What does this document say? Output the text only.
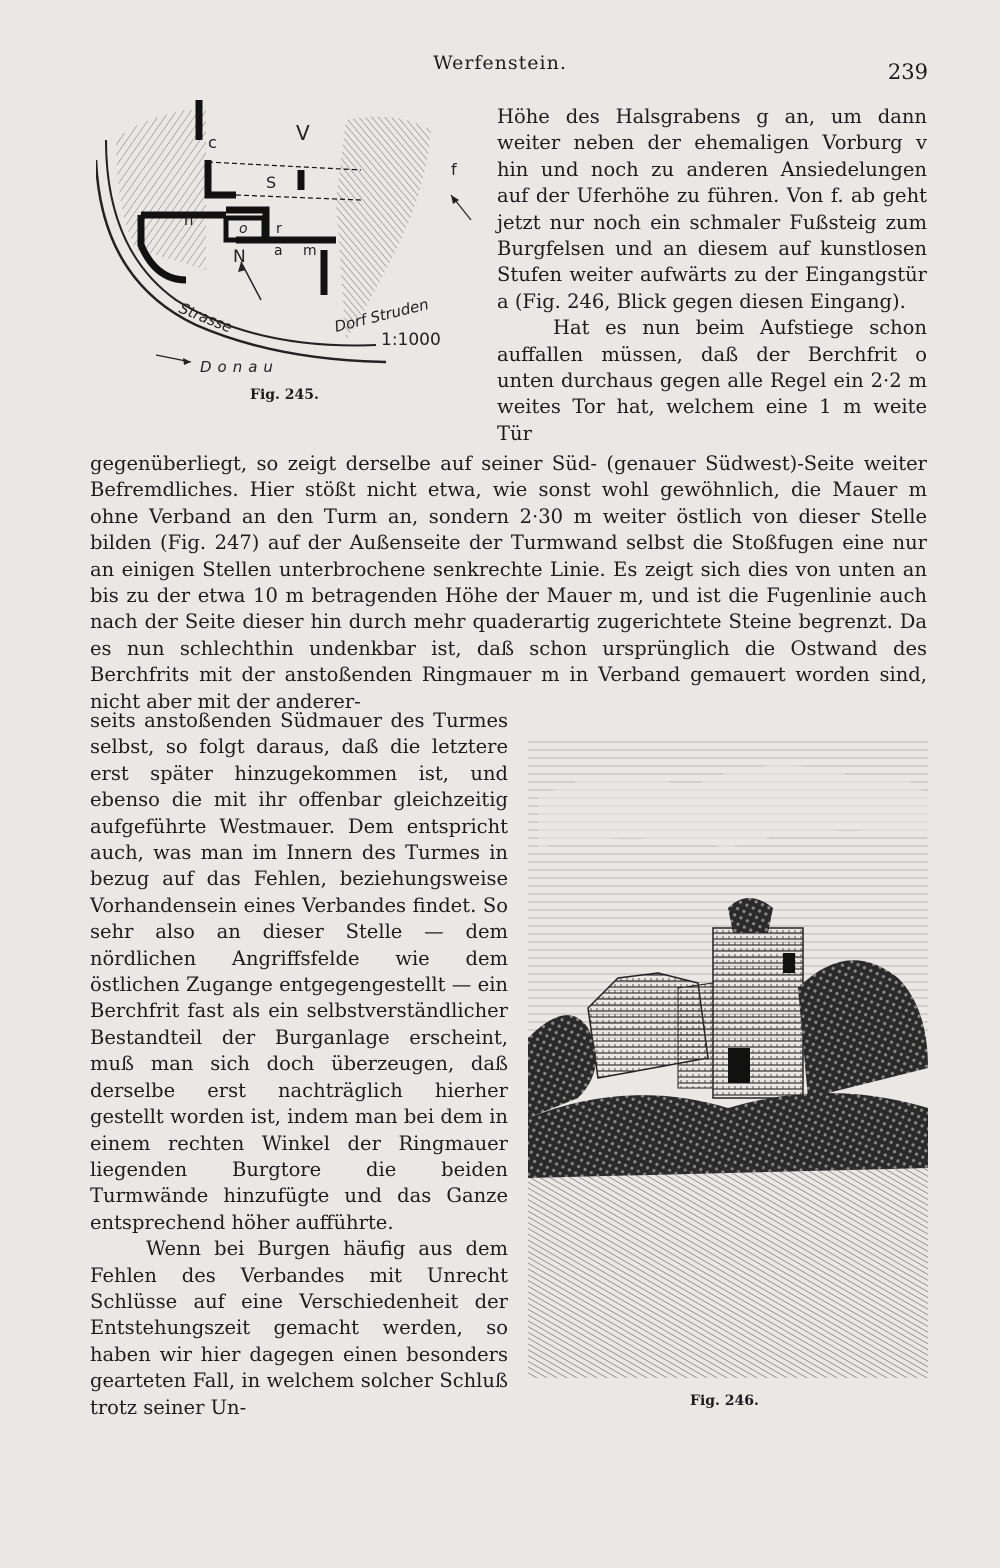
Werfenstein.	239
c	V
S
f
n	o r
a m
N
Dorf Struden
1:1000
Strasse
Donau
Fig. 245.

Höhe des Halsgrabens g an, um dann weiter neben der ehemaligen Vorburg v hin und noch zu anderen Ansiedelungen auf der Uferhöhe zu führen. Von f. ab geht jetzt nur noch ein schmaler Fußsteig zum Burgfelsen und an diesem auf kunstlosen Stufen weiter aufwärts zu der Eingangstür a (Fig. 246, Blick gegen diesen Eingang).

Hat es nun beim Aufstiege schon auffallen müssen, daß der Berchfrit o unten durchaus gegen alle Regel ein 2·2 m weites Tor hat, welchem eine 1 m weite Tür

gegenüberliegt, so zeigt derselbe auf seiner Süd- (genauer Südwest)-Seite weiter Befremdliches. Hier stößt nicht etwa, wie sonst wohl gewöhnlich, die Mauer m ohne Verband an den Turm an, sondern 2·30 m weiter östlich von dieser Stelle bilden (Fig. 247) auf der Außenseite der Turmwand selbst die Stoßfugen eine nur an einigen Stellen unterbrochene senkrechte Linie. Es zeigt sich dies von unten an bis zu der etwa 10 m betragenden Höhe der Mauer m, und ist die Fugenlinie auch nach der Seite dieser hin durch mehr quaderartig zugerichtete Steine begrenzt. Da es nun schlechthin undenkbar ist, daß schon ursprünglich die Ostwand des Berchfrits mit der anstoßenden Ringmauer m in Verband gemauert worden sind, nicht aber mit der anderer-

seits anstoßenden Südmauer des Turmes selbst, so folgt daraus, daß die letztere erst später hinzugekommen ist, und ebenso die mit ihr offenbar gleichzeitig aufgeführte Westmauer. Dem entspricht auch, was man im Innern des Turmes in bezug auf das Fehlen, beziehungsweise Vorhandensein eines Verbandes findet. So sehr also an dieser Stelle — dem nördlichen Angriffsfelde wie dem östlichen Zugange entgegengestellt — ein Berchfrit fast als ein selbstverständlicher Bestandteil der Burganlage erscheint, muß man sich doch überzeugen, daß derselbe erst nachträglich hierher gestellt worden ist, indem man bei dem in einem rechten Winkel der Ringmauer liegenden Burgtore die beiden Turmwände hinzufügte und das Ganze entsprechend höher aufführte.

Wenn bei Burgen häufig aus dem Fehlen des Verbandes mit Unrecht Schlüsse auf eine Verschiedenheit der Entstehungszeit gemacht werden, so haben wir hier dagegen einen besonders gearteten Fall, in welchem solcher Schluß trotz seiner Un-	Fig. 246.
